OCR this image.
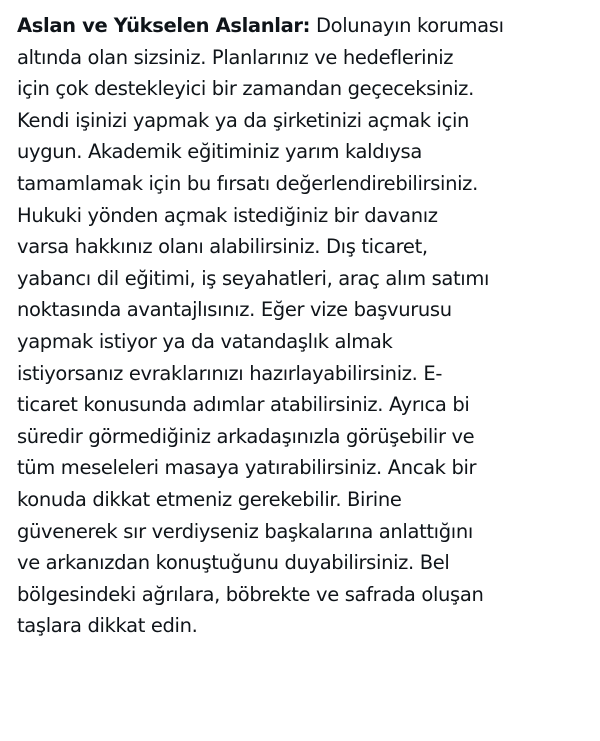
Aslan ve Yükselen Aslanlar: Dolunayın koruması
altında olan sizsiniz. Planlarınız ve hedefleriniz
için çok destekleyici bir zamandan geçeceksiniz.
Kendi işinizi yapmak ya da şirketinizi açmak için
uygun. Akademik eğitiminiz yarım kaldıysa
tamamlamak için bu fırsatı değerlendirebilirsiniz.
Hukuki yönden açmak istediğiniz bir davanız
varsa hakkınız olanı alabilirsiniz. Dış ticaret,
yabancı dil eğitimi, iş seyahatleri, araç alım satımı
noktasında avantajlısınız. Eğer vize başvurusu
yapmak istiyor ya da vatandaşlık almak
istiyorsanız evraklarınızı hazırlayabilirsiniz. E-
ticaret konusunda adımlar atabilirsiniz. Ayrıca bi
süredir görmediğiniz arkadaşınızla görüşebilir ve
tüm meseleleri masaya yatırabilirsiniz. Ancak bir
konuda dikkat etmeniz gerekebilir. Birine
güvenerek sır verdiyseniz başkalarına anlattığını
ve arkanızdan konuştuğunu duyabilirsiniz. Bel
bölgesindeki ağrılara, böbrekte ve safrada oluşan
taşlara dikkat edin.
